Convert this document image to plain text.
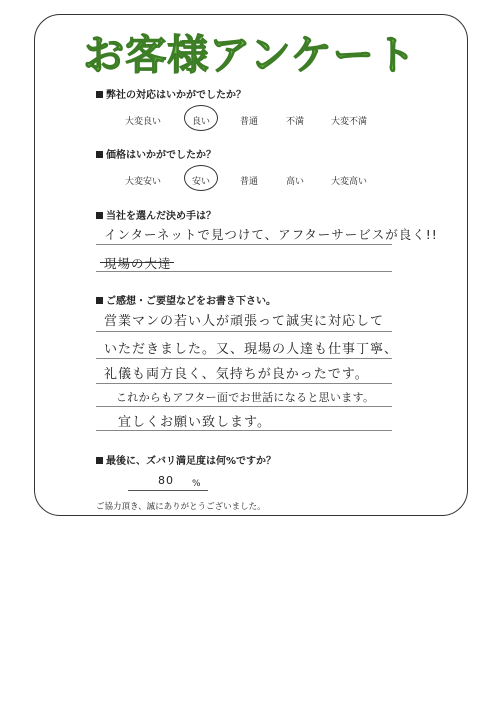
お客様アンケート
弊社の対応はいかがでしたか？
大変良い	良い	普通	不満	大変不満
価格はいかがでしたか？
大変安い	安い	普通	高い	大変高い
当社を選んだ決め手は？
インターネットで見つけて、アフターサービスが良く!!
現場の大達
ご感想・ご要望などをお書き下さい。
営業マンの若い人が頑張って誠実に対応して
いただきました。又、現場の人達も仕事丁寧、
礼儀も両方良く、気持ちが良かったです。
これからもアフター面でお世話になると思います。
宜しくお願い致します。
最後に、ズバリ満足度は何%ですか？
80 %
ご協力頂き、誠にありがとうございました。
